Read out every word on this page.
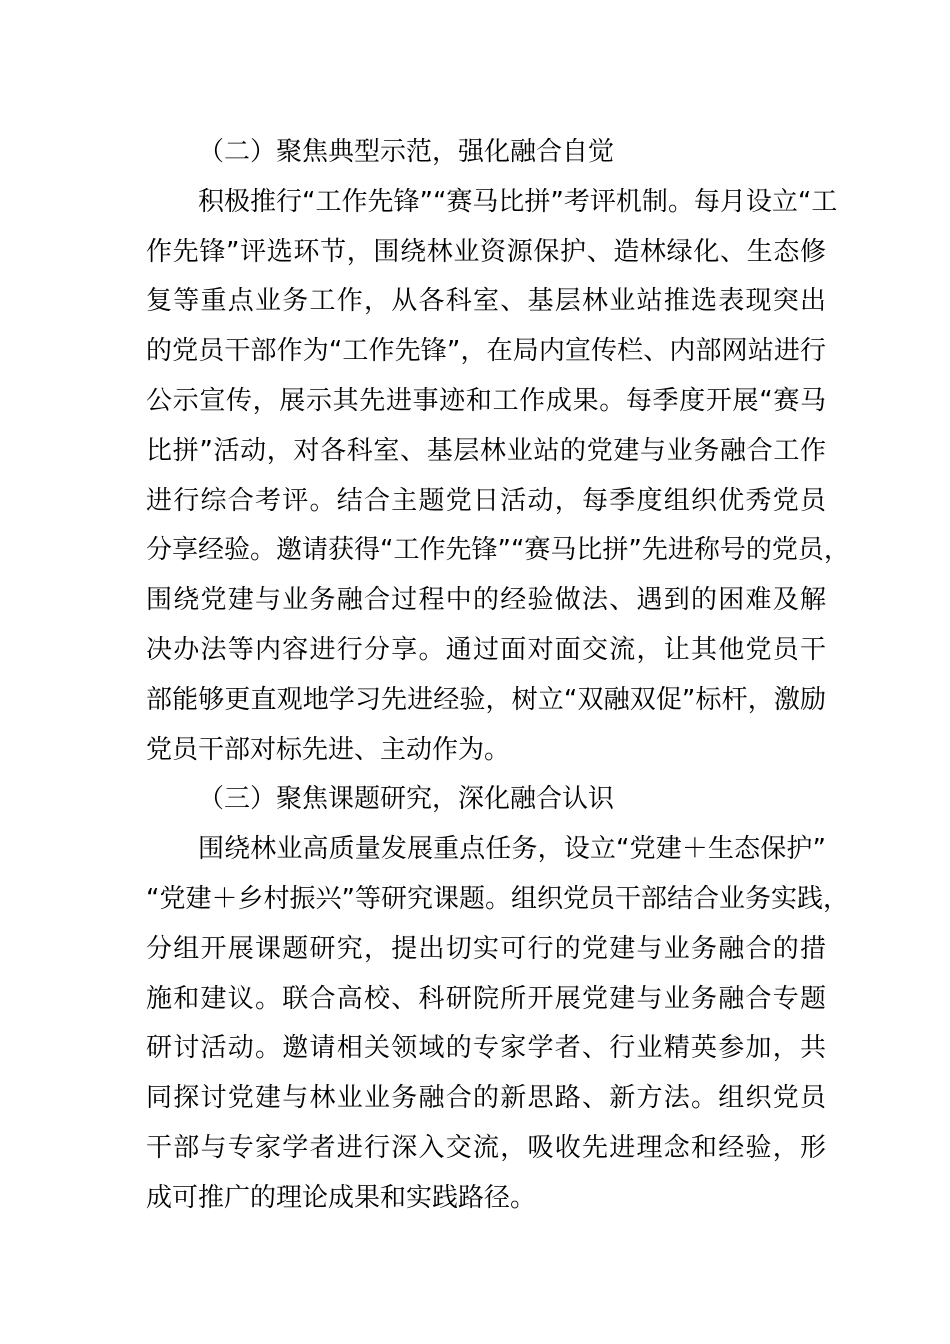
（二）聚焦典型示范，强化融合自觉

积极推行“工作先锋”“赛马比拼”考评机制。每月设立“工
作先锋”评选环节，围绕林业资源保护、造林绿化、生态修
复等重点业务工作，从各科室、基层林业站推选表现突出
的党员干部作为“工作先锋”，在局内宣传栏、内部网站进行
公示宣传，展示其先进事迹和工作成果。每季度开展“赛马
比拼”活动，对各科室、基层林业站的党建与业务融合工作
进行综合考评。结合主题党日活动，每季度组织优秀党员
分享经验。邀请获得“工作先锋”“赛马比拼”先进称号的党员，
围绕党建与业务融合过程中的经验做法、遇到的困难及解
决办法等内容进行分享。通过面对面交流，让其他党员干
部能够更直观地学习先进经验，树立“双融双促”标杆，激励
党员干部对标先进、主动作为。

（三）聚焦课题研究，深化融合认识

围绕林业高质量发展重点任务，设立“党建＋生态保护”
“党建＋乡村振兴”等研究课题。组织党员干部结合业务实践，
分组开展课题研究，提出切实可行的党建与业务融合的措
施和建议。联合高校、科研院所开展党建与业务融合专题
研讨活动。邀请相关领域的专家学者、行业精英参加，共
同探讨党建与林业业务融合的新思路、新方法。组织党员
干部与专家学者进行深入交流，吸收先进理念和经验，形
成可推广的理论成果和实践路径。
